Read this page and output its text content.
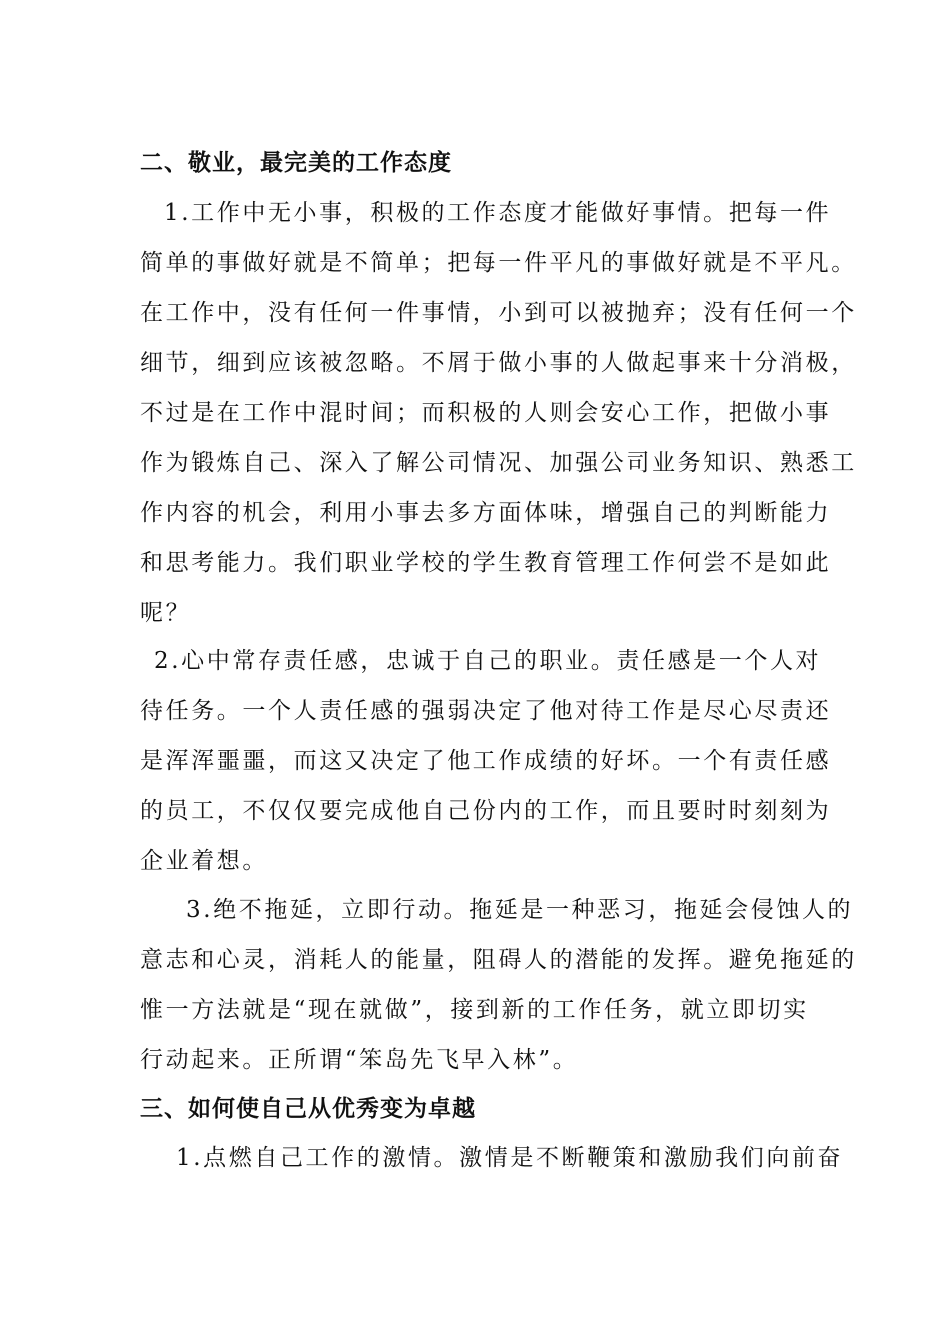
二、敬业，最完美的工作态度
1.工作中无小事，积极的工作态度才能做好事情。把每一件
简单的事做好就是不简单；把每一件平凡的事做好就是不平凡。
在工作中，没有任何一件事情，小到可以被抛弃；没有任何一个
细节，细到应该被忽略。不屑于做小事的人做起事来十分消极，
不过是在工作中混时间；而积极的人则会安心工作，把做小事
作为锻炼自己、深入了解公司情况、加强公司业务知识、熟悉工
作内容的机会，利用小事去多方面体味，增强自己的判断能力
和思考能力。我们职业学校的学生教育管理工作何尝不是如此
呢？
2.心中常存责任感，忠诚于自己的职业。责任感是一个人对
待任务。一个人责任感的强弱决定了他对待工作是尽心尽责还
是浑浑噩噩，而这又决定了他工作成绩的好坏。一个有责任感
的员工，不仅仅要完成他自己份内的工作，而且要时时刻刻为
企业着想。
3.绝不拖延，立即行动。拖延是一种恶习，拖延会侵蚀人的
意志和心灵，消耗人的能量，阻碍人的潜能的发挥。避免拖延的
惟一方法就是“现在就做”，接到新的工作任务，就立即切实
行动起来。正所谓“笨岛先飞早入林”。
三、如何使自己从优秀变为卓越
1.点燃自己工作的激情。激情是不断鞭策和激励我们向前奋
